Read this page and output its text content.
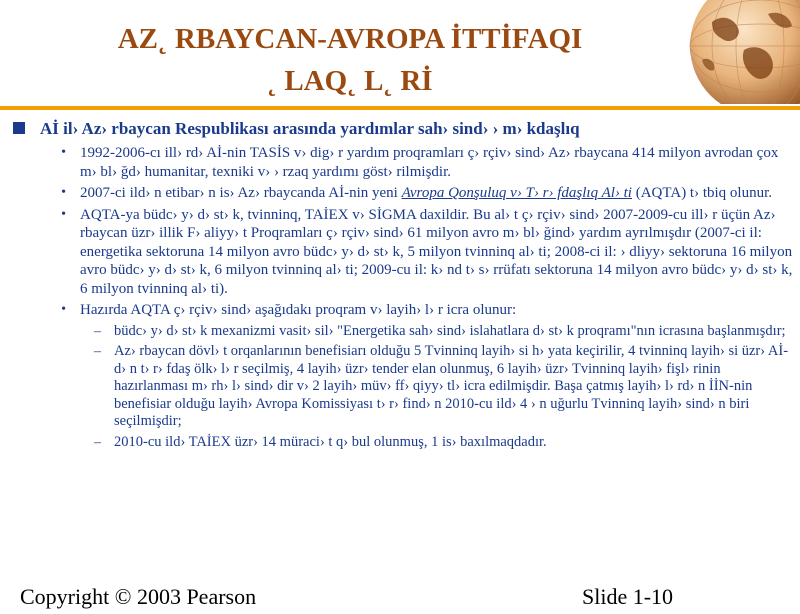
AZ˛ RBAYCAN-AVROPA İTTİFAQI
˛ LAQ˛ L˛ Rİ
Aİ il› Az› rbaycan Respublikası arasında yardımlar sah› sind› › m› kdaşlıq
• 1992-2006-cı ill› rd› Aİ-nin TASİS v› dig› r yardım proqramları ç› rçiv› sind› Az› rbaycana 414 milyon avrodan çox m› bl› ğd› humanitar, texniki v› › rzaq yardımı göst› rilmişdir.
• 2007-ci ild› n etibar› n is› Az› rbaycanda Aİ-nin yeni Avropa Qonşuluq v› T› r› fdaşlıq Al› ti (AQTA) t› tbiq olunur.
• AQTA-ya büdc› y› d› st› k, tvinninq, TAİEX v› SİGMA daxildir. Bu al› t ç› rçiv› sind› 2007-2009-cu ill› r üçün Az› rbaycan üzr› illik F› aliyy› t Proqramları ç› rçiv› sind› 61 milyon avro m› bl› ğind› yardım ayrılmışdır (2007-ci il: energetika sektoruna 14 milyon avro büdc› y› d› st› k, 5 milyon tvinninq al› ti; 2008-ci il: › dliyy› sektoruna 16 milyon avro büdc› y› d› st› k, 6 milyon tvinninq al› ti; 2009-cu il: k› nd t› s› rrüfatı sektoruna 14 milyon avro büdc› y› d› st› k, 6 milyon tvinninq al› ti).
• Hazırda AQTA ç› rçiv› sind› aşağıdakı proqram v› layih› l› r icra olunur:
– büdc› y› d› st› k mexanizmi vasit› sil› "Energetika sah› sind› islahatlara d› st› k proqramı"nın icrasına başlanmışdır;
– Az› rbaycan dövl› t orqanlarının benefisiarı olduğu 5 Tvinninq layih› si h› yata keçirilir, 4 tvinninq layih› si üzr› Aİ-d› n t› r› fdaş ölk› l› r seçilmiş, 4 layih› üzr› tender elan olunmuş, 6 layih› üzr› Tvinninq layih› fişl› rinin hazırlanması m› rh› l› sind› dir v› 2 layih› müv› ff› qiyy› tl› icra edilmişdir. Başa çatmış layih› l› rd› n İİN-nin benefisiar olduğu layih› Avropa Komissiyası t› r› find› n 2010-cu ild› 4 › n uğurlu Tvinninq layih› sind› n biri seçilmişdir;
– 2010-cu ild› TAİEX üzr› 14 müraci› t q› bul olunmuş, 1 is› baxılmaqdadır.
Copyright © 2003 Pearson	Slide 1-10
